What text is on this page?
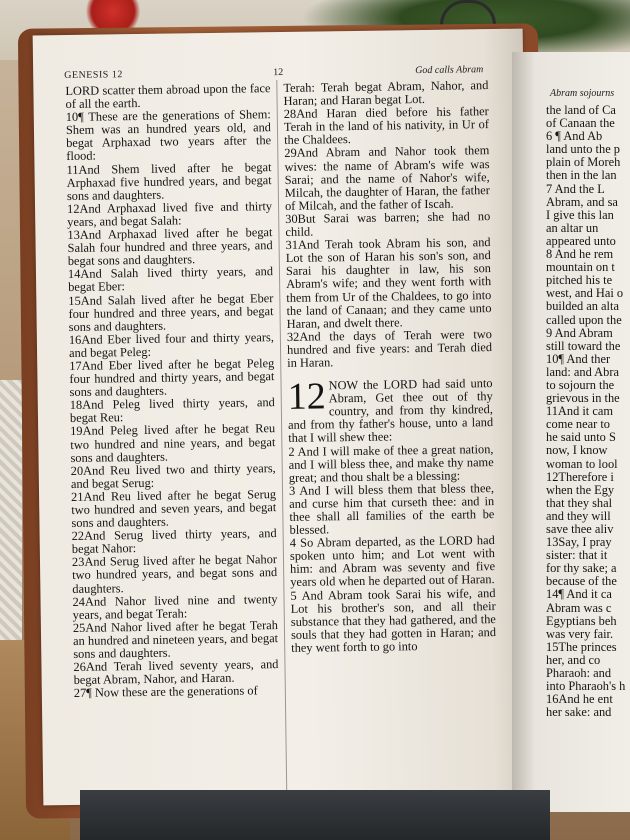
GENESIS 12	12	God calls Abram

LORD scatter them abroad upon the face of all the earth.

10¶ These are the generations of Shem: Shem was an hundred years old, and begat Arphaxad two years after the flood:

11And Shem lived after he begat Arphaxad five hundred years, and begat sons and daughters.

12And Arphaxad lived five and thirty years, and begat Salah:

13And Arphaxad lived after he begat Salah four hundred and three years, and begat sons and daughters.

14And Salah lived thirty years, and begat Eber:

15And Salah lived after he begat Eber four hundred and three years, and begat sons and daughters.

16And Eber lived four and thirty years, and begat Peleg:

17And Eber lived after he begat Peleg four hundred and thirty years, and begat sons and daughters.

18And Peleg lived thirty years, and begat Reu:

19And Peleg lived after he begat Reu two hundred and nine years, and begat sons and daughters.

20And Reu lived two and thirty years, and begat Serug:

21And Reu lived after he begat Serug two hundred and seven years, and begat sons and daughters.

22And Serug lived thirty years, and begat Nahor:

23And Serug lived after he begat Nahor two hundred years, and begat sons and daughters.

24And Nahor lived nine and twenty years, and begat Terah:

25And Nahor lived after he begat Terah an hundred and nineteen years, and begat sons and daughters.

26And Terah lived seventy years, and begat Abram, Nahor, and Haran.

27¶ Now these are the generations of

Terah: Terah begat Abram, Nahor, and Haran; and Haran begat Lot.

28And Haran died before his father Terah in the land of his nativity, in Ur of the Chaldees.

29And Abram and Nahor took them wives: the name of Abram's wife was Sarai; and the name of Nahor's wife, Milcah, the daughter of Haran, the father of Milcah, and the father of Iscah.

30But Sarai was barren; she had no child.

31And Terah took Abram his son, and Lot the son of Haran his son's son, and Sarai his daughter in law, his son Abram's wife; and they went forth with them from Ur of the Chaldees, to go into the land of Canaan; and they came unto Haran, and dwelt there.

32And the days of Terah were two hundred and five years: and Terah died in Haran.

12 NOW the LORD had said unto Abram, Get thee out of thy country, and from thy kindred, and from thy father's house, unto a land that I will shew thee:

2 And I will make of thee a great nation, and I will bless thee, and make thy name great; and thou shalt be a blessing:

3 And I will bless them that bless thee, and curse him that curseth thee: and in thee shall all families of the earth be blessed.

4 So Abram departed, as the LORD had spoken unto him; and Lot went with him: and Abram was seventy and five years old when he departed out of Haran.

5 And Abram took Sarai his wife, and Lot his brother's son, and all their substance that they had gathered, and the souls that they had gotten in Haran; and they went forth to go into

Abram sojourns
the land of Ca
of Canaan the
6 ¶ And Ab
land unto the p
plain of Moreh
then in the lan
7 And the L
Abram, and sa
I give this lan
an altar un
appeared unto
8 And he rem
mountain on t
pitched his te
west, and Hai o
builded an alta
called upon the
9 And Abram
still toward the
10¶ And ther
land: and Abra
to sojourn the
grievous in the
11And it cam
come near to
he said unto S
now, I know
woman to lool
12Therefore i
when the Egy
that they shal
and they will
save thee aliv
13Say, I pray
sister: that it
for thy sake; a
because of the
14¶ And it ca
Abram was c
Egyptians beh
was very fair.
15The princes
her, and co
Pharaoh: and
into Pharaoh's h
16And he ent
her sake: and
